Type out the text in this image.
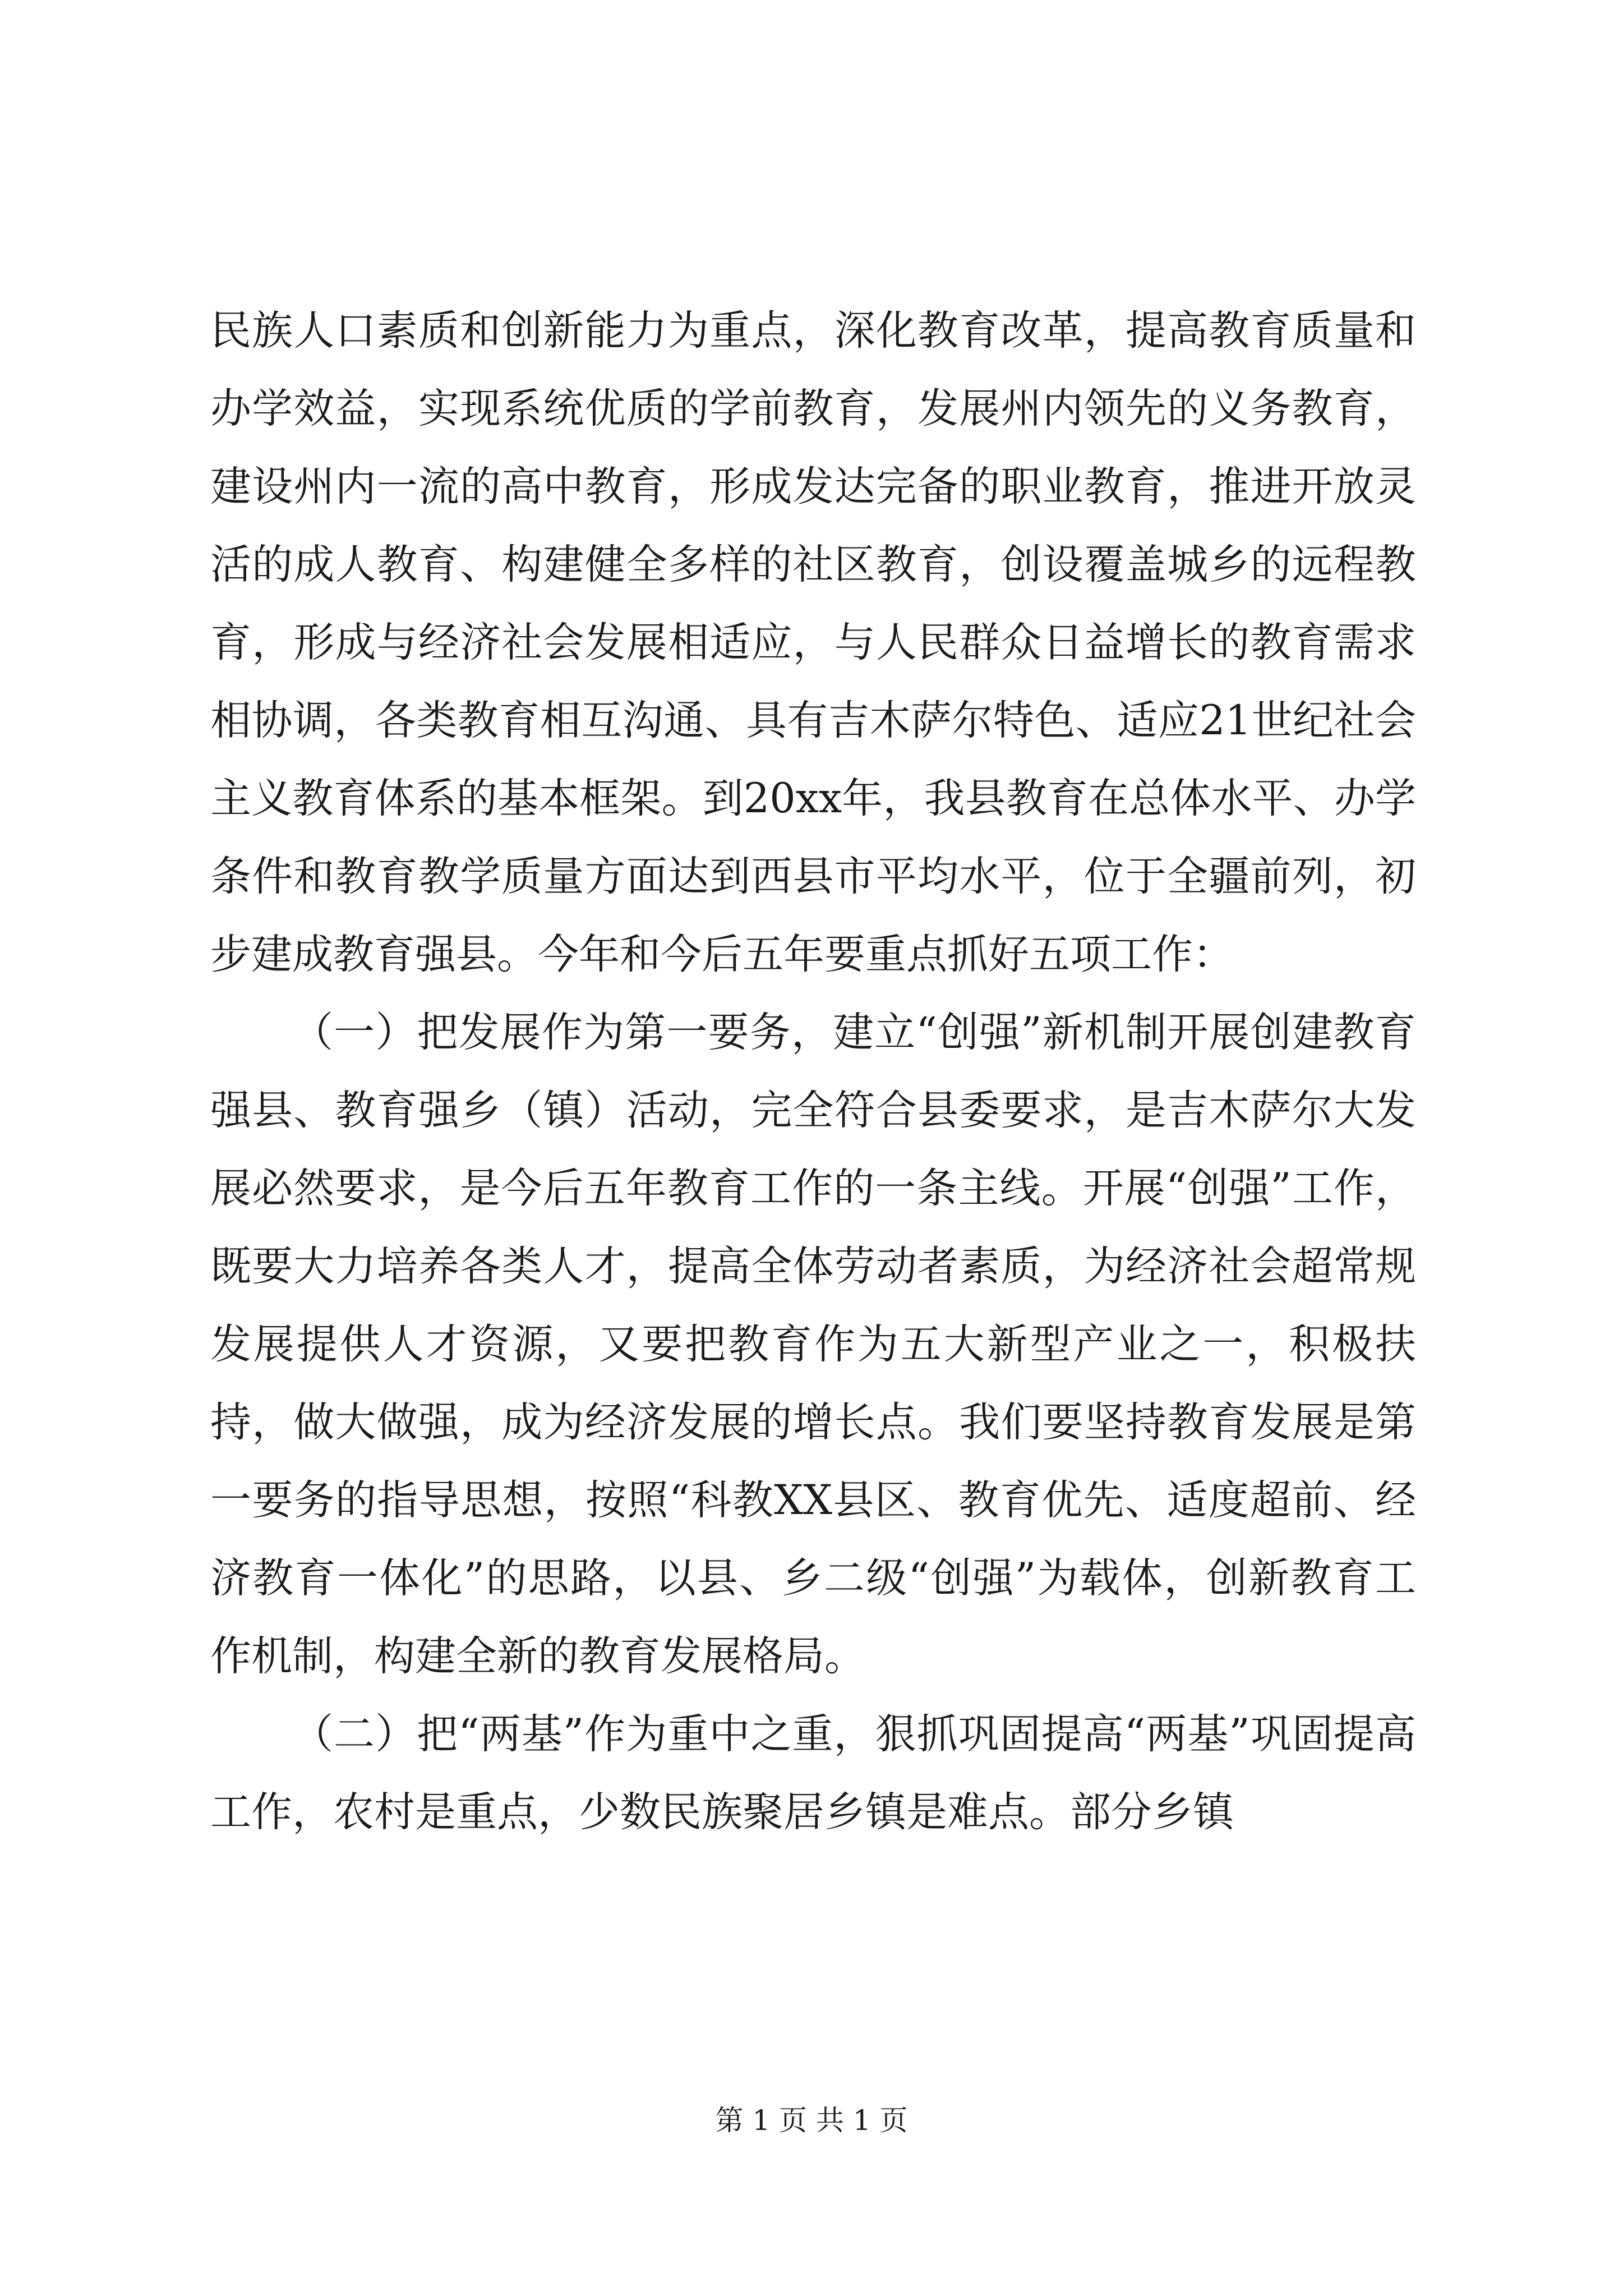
民族人口素质和创新能力为重点，深化教育改革，提高教育质量和办学效益，实现系统优质的学前教育，发展州内领先的义务教育，建设州内一流的高中教育，形成发达完备的职业教育，推进开放灵活的成人教育、构建健全多样的社区教育，创设覆盖城乡的远程教育，形成与经济社会发展相适应，与人民群众日益增长的教育需求相协调，各类教育相互沟通、具有吉木萨尔特色、适应21世纪社会主义教育体系的基本框架。到20xx年，我县教育在总体水平、办学条件和教育教学质量方面达到西县市平均水平，位于全疆前列，初步建成教育强县。今年和今后五年要重点抓好五项工作：

（一）把发展作为第一要务，建立“创强”新机制开展创建教育强县、教育强乡（镇）活动，完全符合县委要求，是吉木萨尔大发展必然要求，是今后五年教育工作的一条主线。开展“创强”工作，既要大力培养各类人才，提高全体劳动者素质，为经济社会超常规发展提供人才资源，又要把教育作为五大新型产业之一，积极扶持，做大做强，成为经济发展的增长点。我们要坚持教育发展是第一要务的指导思想，按照“科教XX县区、教育优先、适度超前、经济教育一体化”的思路，以县、乡二级“创强”为载体，创新教育工作机制，构建全新的教育发展格局。

（二）把“两基”作为重中之重，狠抓巩固提高“两基”巩固提高工作，农村是重点，少数民族聚居乡镇是难点。部分乡镇

第 1 页 共 1 页
